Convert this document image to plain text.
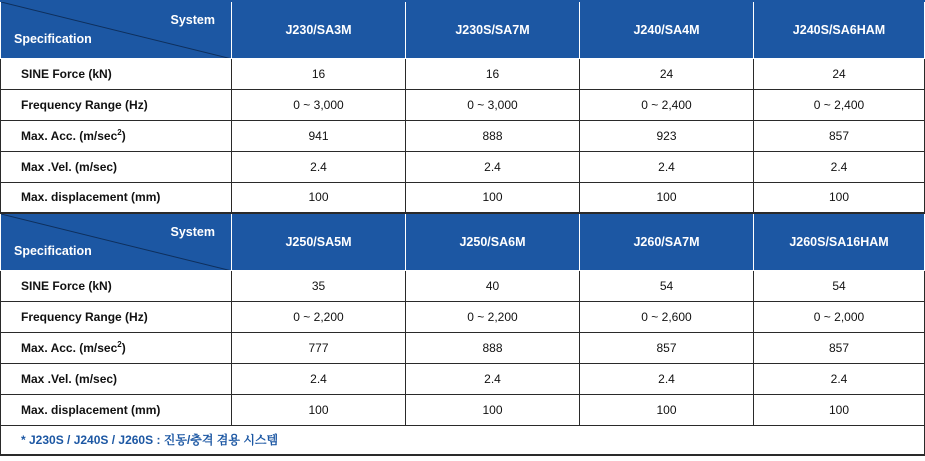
System
Specification	J230/SA3M	J230S/SA7M	J240/SA4M	J240S/SA6HAM
SINE Force (kN)	16	16	24	24
Frequency Range (Hz)	0 ~ 3,000	0 ~ 3,000	0 ~ 2,400	0 ~ 2,400
Max. Acc. $(m/\sec^2)$	941	888	923	857
Max .Vel. (m/sec)	2.4	2.4	2.4	2.4
Max. displacement (mm)	100	100	100	100

System
Specification	J250/SA5M	J250/SA6M	J260/SA7M	J260S/SA16HAM
SINE Force (kN)	35	40	54	54
Frequency Range (Hz)	0 ~ 2,200	0 ~ 2,200	0 ~ 2,600	0 ~ 2,000
Max. Acc. $(m/\sec^2)$	777	888	857	857
Max .Vel. (m/sec)	2.4	2.4	2.4	2.4
Max. displacement (mm)	100	100	100	100
* J230S / J240S / J260S : 진동/충격 겸용 시스템				
